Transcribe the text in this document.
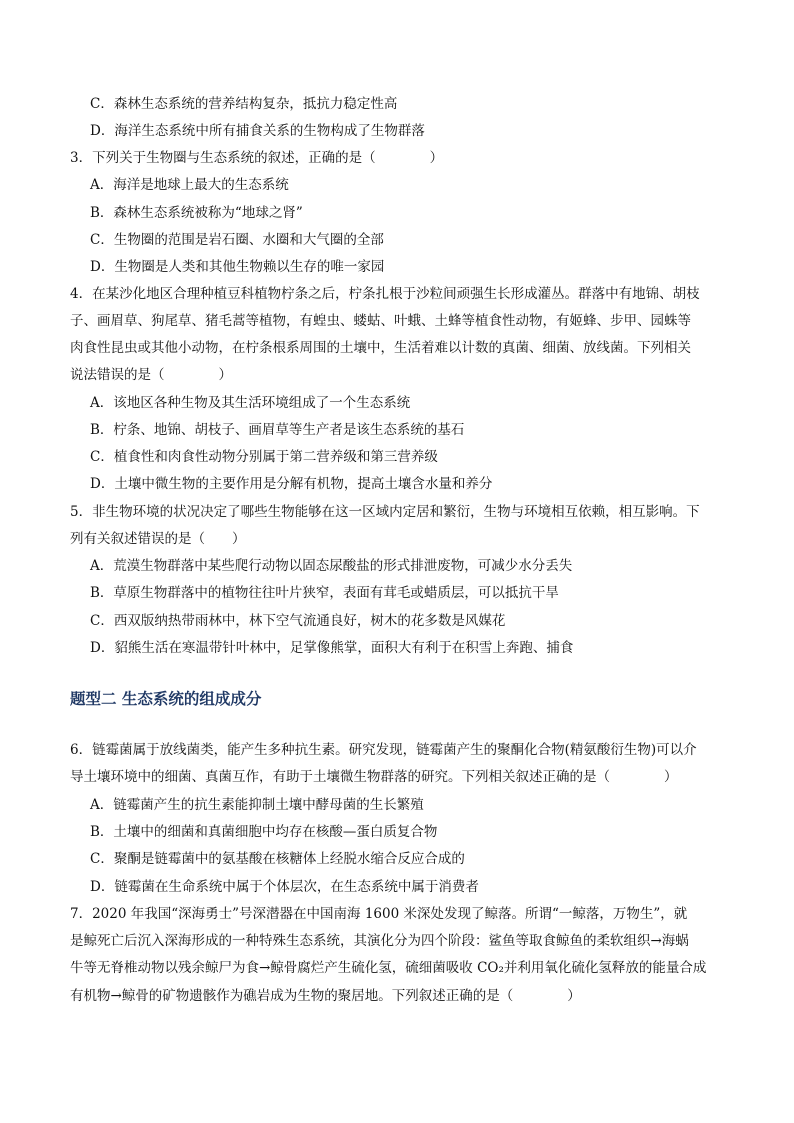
C．森林生态系统的营养结构复杂，抵抗力稳定性高
D．海洋生态系统中所有捕食关系的生物构成了生物群落
3．下列关于生物圈与生态系统的叙述，正确的是（　　　　）
A．海洋是地球上最大的生态系统
B．森林生态系统被称为“地球之肾”
C．生物圈的范围是岩石圈、水圈和大气圈的全部
D．生物圈是人类和其他生物赖以生存的唯一家园
4．在某沙化地区合理种植豆科植物柠条之后，柠条扎根于沙粒间顽强生长形成灌丛。群落中有地锦、胡枝
子、画眉草、狗尾草、猪毛蒿等植物，有蝗虫、蝼蛄、叶蛾、土蜂等植食性动物，有姬蜂、步甲、园蛛等
肉食性昆虫或其他小动物，在柠条根系周围的土壤中，生活着难以计数的真菌、细菌、放线菌。下列相关
说法错误的是（　　　　）
A．该地区各种生物及其生活环境组成了一个生态系统
B．柠条、地锦、胡枝子、画眉草等生产者是该生态系统的基石
C．植食性和肉食性动物分别属于第二营养级和第三营养级
D．土壤中微生物的主要作用是分解有机物，提高土壤含水量和养分
5．非生物环境的状况决定了哪些生物能够在这一区域内定居和繁衍，生物与环境相互依赖，相互影响。下
列有关叙述错误的是（　　）
A．荒漠生物群落中某些爬行动物以固态尿酸盐的形式排泄废物，可减少水分丢失
B．草原生物群落中的植物往往叶片狭窄，表面有茸毛或蜡质层，可以抵抗干旱
C．西双版纳热带雨林中，林下空气流通良好，树木的花多数是风媒花
D．貂熊生活在寒温带针叶林中，足掌像熊掌，面积大有利于在积雪上奔跑、捕食
题型二 生态系统的组成成分
6．链霉菌属于放线菌类，能产生多种抗生素。研究发现，链霉菌产生的聚酮化合物(精氨酸衍生物)可以介
导土壤环境中的细菌、真菌互作，有助于土壤微生物群落的研究。下列相关叙述正确的是（　　　　）
A．链霉菌产生的抗生素能抑制土壤中酵母菌的生长繁殖
B．土壤中的细菌和真菌细胞中均存在核酸—蛋白质复合物
C．聚酮是链霉菌中的氨基酸在核糖体上经脱水缩合反应合成的
D．链霉菌在生命系统中属于个体层次，在生态系统中属于消费者
7．2020 年我国“深海勇士”号深潜器在中国南海 1600 米深处发现了鲸落。所谓“一鲸落，万物生”，就
是鲸死亡后沉入深海形成的一种特殊生态系统，其演化分为四个阶段：鲨鱼等取食鲸鱼的柔软组织→海蜗
牛等无脊椎动物以残余鲸尸为食→鲸骨腐烂产生硫化氢，硫细菌吸收 CO₂并利用氧化硫化氢释放的能量合成
有机物→鲸骨的矿物遗骸作为礁岩成为生物的聚居地。下列叙述正确的是（　　　　）
